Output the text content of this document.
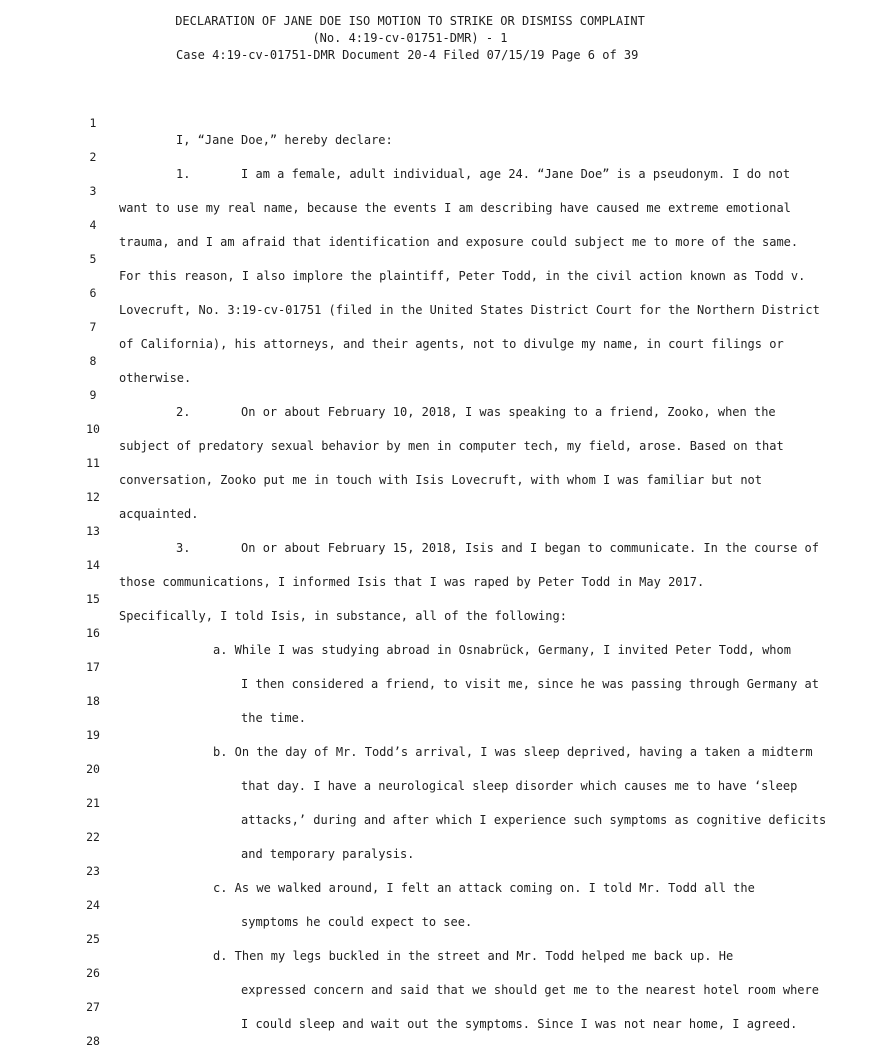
DECLARATION OF JANE DOE ISO MOTION TO STRIKE OR DISMISS COMPLAINT
(No. 4:19-cv-01751-DMR) - 1
Case 4:19-cv-01751-DMR Document 20-4 Filed 07/15/19 Page 6 of 39
1
2
3
4
5
6
7
8
9
10
11
12
13
14
15
16
17
18
19
20
21
22
23
24
25
26
27
28
I, “Jane Doe,” hereby declare:
1.       I am a female, adult individual, age 24. “Jane Doe” is a pseudonym. I do not
want to use my real name, because the events I am describing have caused me extreme emotional
trauma, and I am afraid that identification and exposure could subject me to more of the same.
For this reason, I also implore the plaintiff, Peter Todd, in the civil action known as Todd v.
Lovecruft, No. 3:19-cv-01751 (filed in the United States District Court for the Northern District
of California), his attorneys, and their agents, not to divulge my name, in court filings or
otherwise.
2.       On or about February 10, 2018, I was speaking to a friend, Zooko, when the
subject of predatory sexual behavior by men in computer tech, my field, arose. Based on that
conversation, Zooko put me in touch with Isis Lovecruft, with whom I was familiar but not
acquainted.
3.       On or about February 15, 2018, Isis and I began to communicate. In the course of
those communications, I informed Isis that I was raped by Peter Todd in May 2017.
Specifically, I told Isis, in substance, all of the following:
a. While I was studying abroad in Osnabrück, Germany, I invited Peter Todd, whom
I then considered a friend, to visit me, since he was passing through Germany at
the time.
b. On the day of Mr. Todd’s arrival, I was sleep deprived, having a taken a midterm
that day. I have a neurological sleep disorder which causes me to have ‘sleep
attacks,’ during and after which I experience such symptoms as cognitive deficits
and temporary paralysis.
c. As we walked around, I felt an attack coming on. I told Mr. Todd all the
symptoms he could expect to see.
d. Then my legs buckled in the street and Mr. Todd helped me back up. He
expressed concern and said that we should get me to the nearest hotel room where
I could sleep and wait out the symptoms. Since I was not near home, I agreed.
